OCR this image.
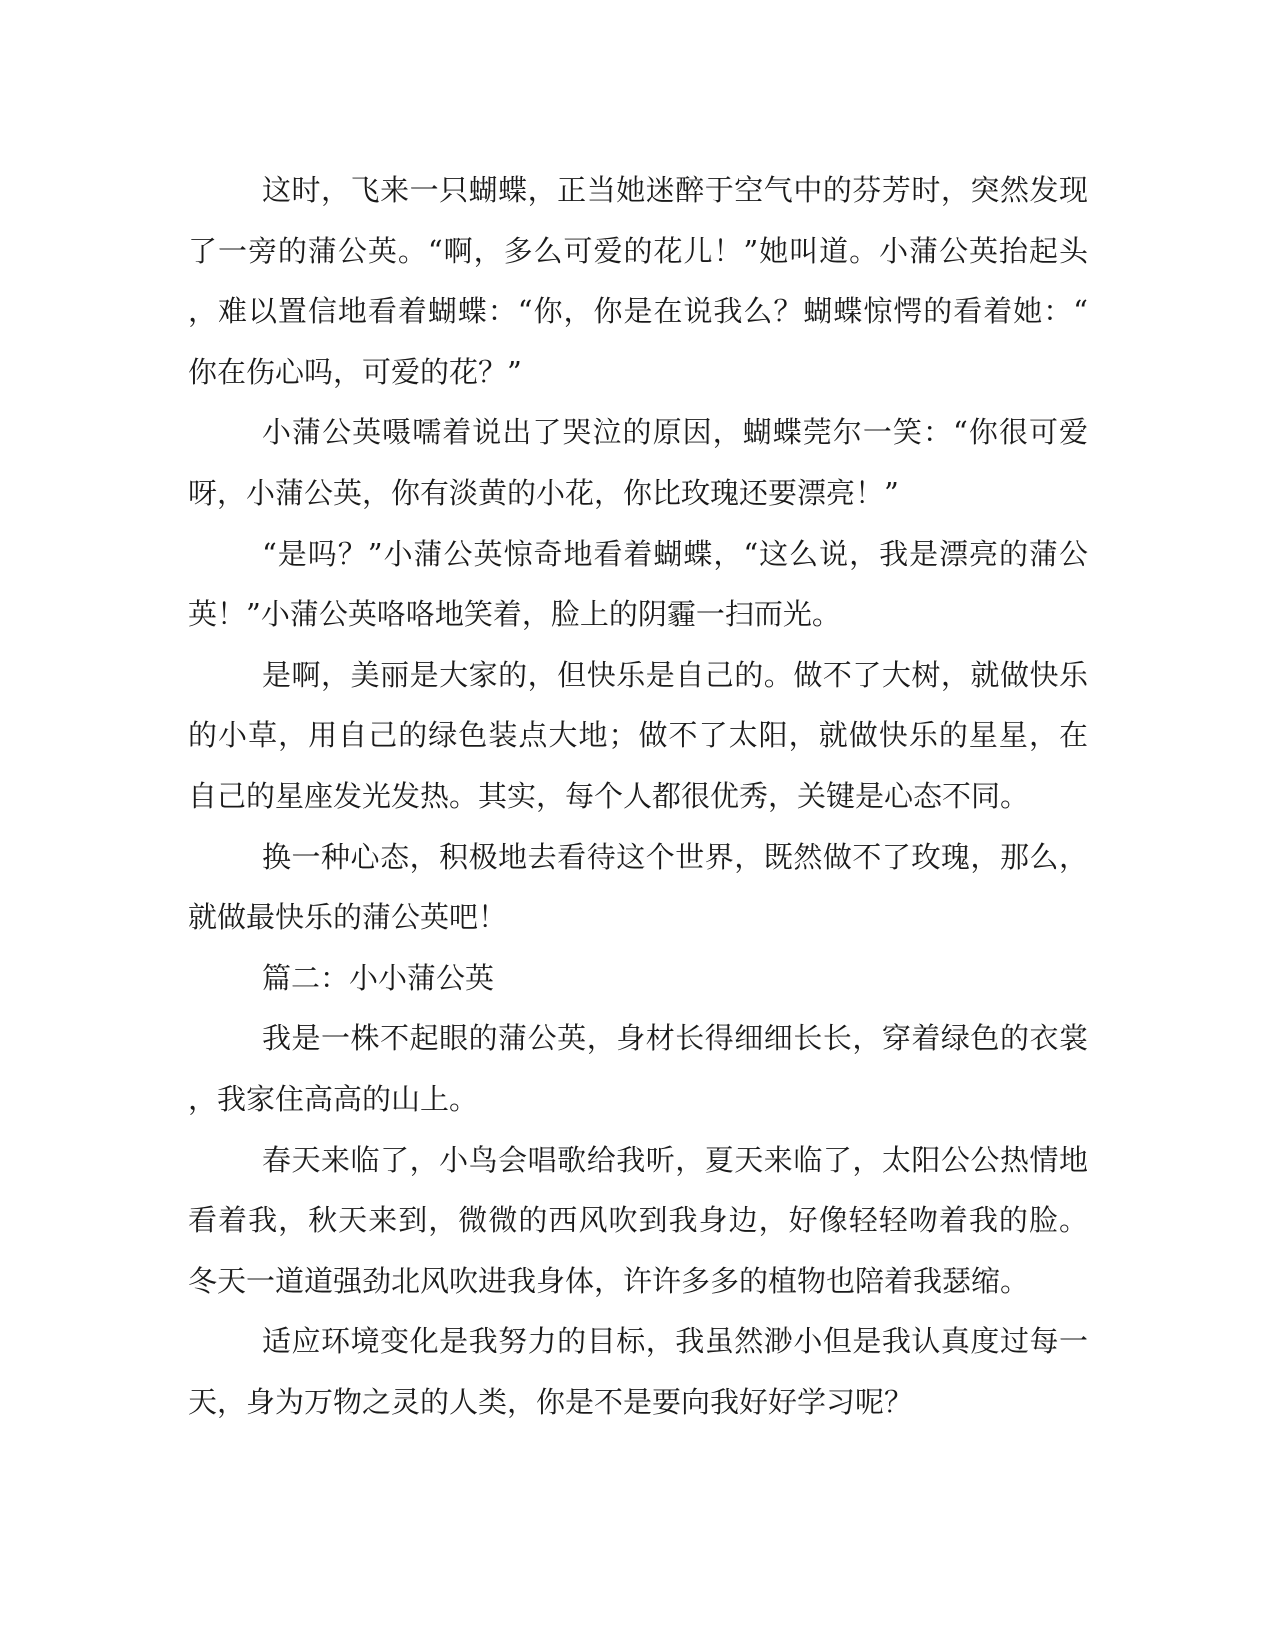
这时，飞来一只蝴蝶，正当她迷醉于空气中的芬芳时，突然发现
了一旁的蒲公英。“啊，多么可爱的花儿！”她叫道。小蒲公英抬起头
，难以置信地看着蝴蝶：“你，你是在说我么？蝴蝶惊愕的看着她：“
你在伤心吗，可爱的花？”
小蒲公英嗫嚅着说出了哭泣的原因，蝴蝶莞尔一笑：“你很可爱
呀，小蒲公英，你有淡黄的小花，你比玫瑰还要漂亮！”
“是吗？”小蒲公英惊奇地看着蝴蝶，“这么说，我是漂亮的蒲公
英！”小蒲公英咯咯地笑着，脸上的阴霾一扫而光。
是啊，美丽是大家的，但快乐是自己的。做不了大树，就做快乐
的小草，用自己的绿色装点大地；做不了太阳，就做快乐的星星，在
自己的星座发光发热。其实，每个人都很优秀，关键是心态不同。
换一种心态，积极地去看待这个世界，既然做不了玫瑰，那么，
就做最快乐的蒲公英吧！
篇二：小小蒲公英
我是一株不起眼的蒲公英，身材长得细细长长，穿着绿色的衣裳
，我家住高高的山上。
春天来临了，小鸟会唱歌给我听，夏天来临了，太阳公公热情地
看着我，秋天来到，微微的西风吹到我身边，好像轻轻吻着我的脸。
冬天一道道强劲北风吹进我身体，许许多多的植物也陪着我瑟缩。
适应环境变化是我努力的目标，我虽然渺小但是我认真度过每一
天，身为万物之灵的人类，你是不是要向我好好学习呢？
